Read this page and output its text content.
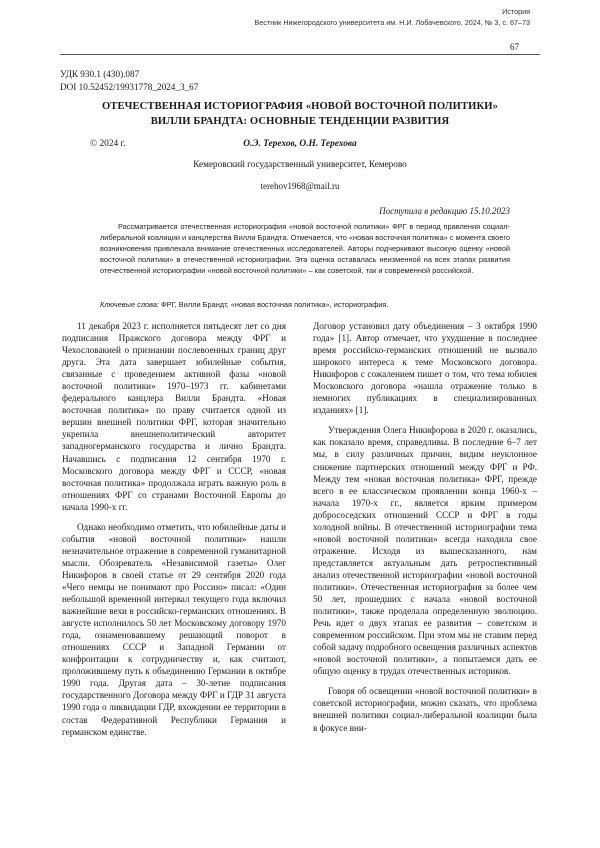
История
Вестник Нижегородского университета им. Н.И. Лобачевского, 2024, № 3, с. 67–73
67
УДК 930.1 (430).087
DOI 10.52452/19931778_2024_3_67
ОТЕЧЕСТВЕННАЯ ИСТОРИОГРАФИЯ «НОВОЙ ВОСТОЧНОЙ ПОЛИТИКИ»
ВИЛЛИ БРАНДТА: ОСНОВНЫЕ ТЕНДЕНЦИИ РАЗВИТИЯ
© 2024 г.	О.Э. Терехов, О.Н. Терехова
Кемеровский государственный университет, Кемерово
terehov1968@mail.ru
Поступила в редакцию 15.10.2023
Рассматривается отечественная историография «новой восточной политики» ФРГ в период правления социал-либеральной коалиции и канцлерства Вилли Брандта. Отмечается, что «новая восточная политика» с момента своего возникновения привлекала внимание отечественных исследователей. Авторы подчеркивают высокую оценку «новой восточной политики» в отечественной историографии. Эта оценка оставалась неизменной на всех этапах развития отечественной историографии «новой восточной политики» – как советской, так и современной российской.
Ключевые слова: ФРГ, Вилли Брандт, «новая восточная политика», историография.

11 декабря 2023 г. исполняется пятьдесят лет со дня подписания Пражского договора между ФРГ и Чехословакией о признании послевоенных границ друг друга. Эта дата завершает юбилейные события, связанные с проведением активной фазы «новой восточной политики» 1970–1973 гг. кабинетами федерального канцлера Вилли Брандта. «Новая восточная политика» по праву считается одной из вершин внешней политики ФРГ, которая значительно укрепила внешнеполитический авторитет западногерманского государства и лично Брандта. Начавшись с подписания 12 сентября 1970 г. Московского договора между ФРГ и СССР, «новая восточная политика» продолжала играть важную роль в отношениях ФРГ со странами Восточной Европы до начала 1990-х гг.

Однако необходимо отметить, что юбилейные даты и события «новой восточной политики» нашли незначительное отражение в современной гуманитарной мысли. Обозреватель «Независимой газеты» Олег Никифоров в своей статье от 29 сентября 2020 года «Чего немцы не понимают про Россию» писал: «Один небольшой временной интервал текущего года включил важнейшие вехи в российско-германских отношениях. В августе исполнилось 50 лет Московскому договору 1970 года, ознаменовавшему решающий поворот в отношениях СССР и Западной Германии от конфронтации к сотрудничеству и, как считают, проложившему путь к объединению Германии в октябре 1990 года. Другая дата – 30-летие подписания государственного Договора между ФРГ и ГДР 31 августа 1990 года о ликвидации ГДР, вхождении ее территории в состав Федеративной Республики Германия и германском единстве.

Договор установил дату объединения – 3 октября 1990 года» [1]. Автор отмечает, что ухудшение в последнее время российско-германских отношений не вызвало широкого интереса к теме Московского договора. Никифоров с сожалением пишет о том, что тема юбилея Московского договора «нашла отражение только в немногих публикациях в специализированных изданиях» [1].

Утверждения Олега Никифорова в 2020 г. оказались, как показало время, справедливы. В последние 6–7 лет мы, в силу различных причин, видим неуклонное снижение партнерских отношений между ФРГ и РФ. Между тем «новая восточная политика» ФРГ, прежде всего в ее классическом проявлении конца 1960-х – начала 1970-х гг., является ярким примером добрососедских отношений СССР и ФРГ в годы холодной войны. В отечественной историографии тема «новой восточной политики» всегда находила свое отражение. Исходя из вышесказанного, нам представляется актуальным дать ретроспективный анализ отечественной историографии «новой восточной политики». Отечественная историография за более чем 50 лет, прошедших с начала «новой восточной политики», также проделала определенную эволюцию. Речь идет о двух этапах ее развития – советском и современном российском. При этом мы не ставим перед собой задачу подробного освещения различных аспектов «новой восточной политики», а попытаемся дать ее общую оценку в трудах отечественных историков.

Говоря об освещении «новой восточной политики» в советской историографии, можно сказать, что проблема внешней политики социал-либеральной коалиции была в фокусе вни-
